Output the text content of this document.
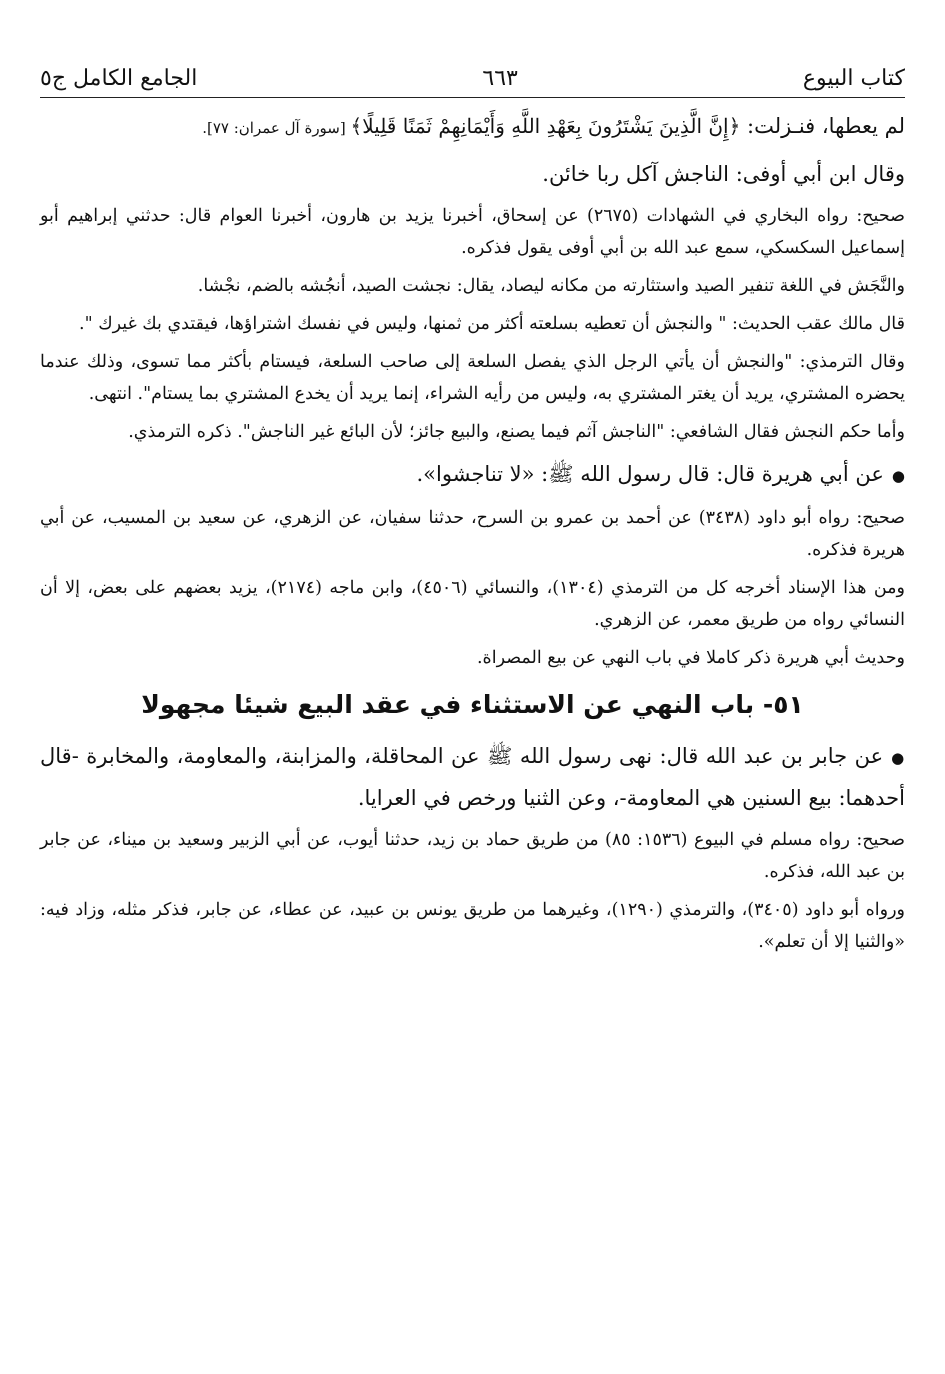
كتاب البيوع
٦٦٣
الجامع الكامل ج٥

لم يعطها، فنـزلت: ﴿إِنَّ الَّذِينَ يَشْتَرُونَ بِعَهْدِ اللَّهِ وَأَيْمَانِهِمْ ثَمَنًا قَلِيلًا﴾ [سورة آل عمران: ٧٧].

وقال ابن أبي أوفى: الناجش آكل ربا خائن.

صحيح: رواه البخاري في الشهادات (٢٦٧٥) عن إسحاق، أخبرنا يزيد بن هارون، أخبرنا العوام قال: حدثني إبراهيم أبو إسماعيل السكسكي، سمع عبد الله بن أبي أوفى يقول فذكره.

والنَّجَش في اللغة تنفير الصيد واستثارته من مكانه ليصاد، يقال: نجشت الصيد، أنجُشه بالضم، نجْشا.

قال مالك عقب الحديث: " والنجش أن تعطيه بسلعته أكثر من ثمنها، وليس في نفسك اشتراؤها، فيقتدي بك غيرك ".

وقال الترمذي: "والنجش أن يأتي الرجل الذي يفصل السلعة إلى صاحب السلعة، فيستام بأكثر مما تسوى، وذلك عندما يحضره المشتري، يريد أن يغتر المشتري به، وليس من رأيه الشراء، إنما يريد أن يخدع المشتري بما يستام". انتهى.

وأما حكم النجش فقال الشافعي: "الناجش آثم فيما يصنع، والبيع جائز؛ لأن البائع غير الناجش". ذكره الترمذي.

● عن أبي هريرة قال: قال رسول الله ﷺ: «لا تناجشوا».

صحيح: رواه أبو داود (٣٤٣٨) عن أحمد بن عمرو بن السرح، حدثنا سفيان، عن الزهري، عن سعيد بن المسيب، عن أبي هريرة فذكره.

ومن هذا الإسناد أخرجه كل من الترمذي (١٣٠٤)، والنسائي (٤٥٠٦)، وابن ماجه (٢١٧٤)، يزيد بعضهم على بعض، إلا أن النسائي رواه من طريق معمر، عن الزهري.

وحديث أبي هريرة ذكر كاملا في باب النهي عن بيع المصراة.

٥١- باب النهي عن الاستثناء في عقد البيع شيئا مجهولا

● عن جابر بن عبد الله قال: نهى رسول الله ﷺ عن المحاقلة، والمزابنة، والمعاومة، والمخابرة -قال أحدهما: بيع السنين هي المعاومة-، وعن الثنيا ورخص في العرايا.

صحيح: رواه مسلم في البيوع (١٥٣٦: ٨٥) من طريق حماد بن زيد، حدثنا أيوب، عن أبي الزبير وسعيد بن ميناء، عن جابر بن عبد الله، فذكره.

ورواه أبو داود (٣٤٠٥)، والترمذي (١٢٩٠)، وغيرهما من طريق يونس بن عبيد، عن عطاء، عن جابر، فذكر مثله، وزاد فيه: «والثنيا إلا أن تعلم».
